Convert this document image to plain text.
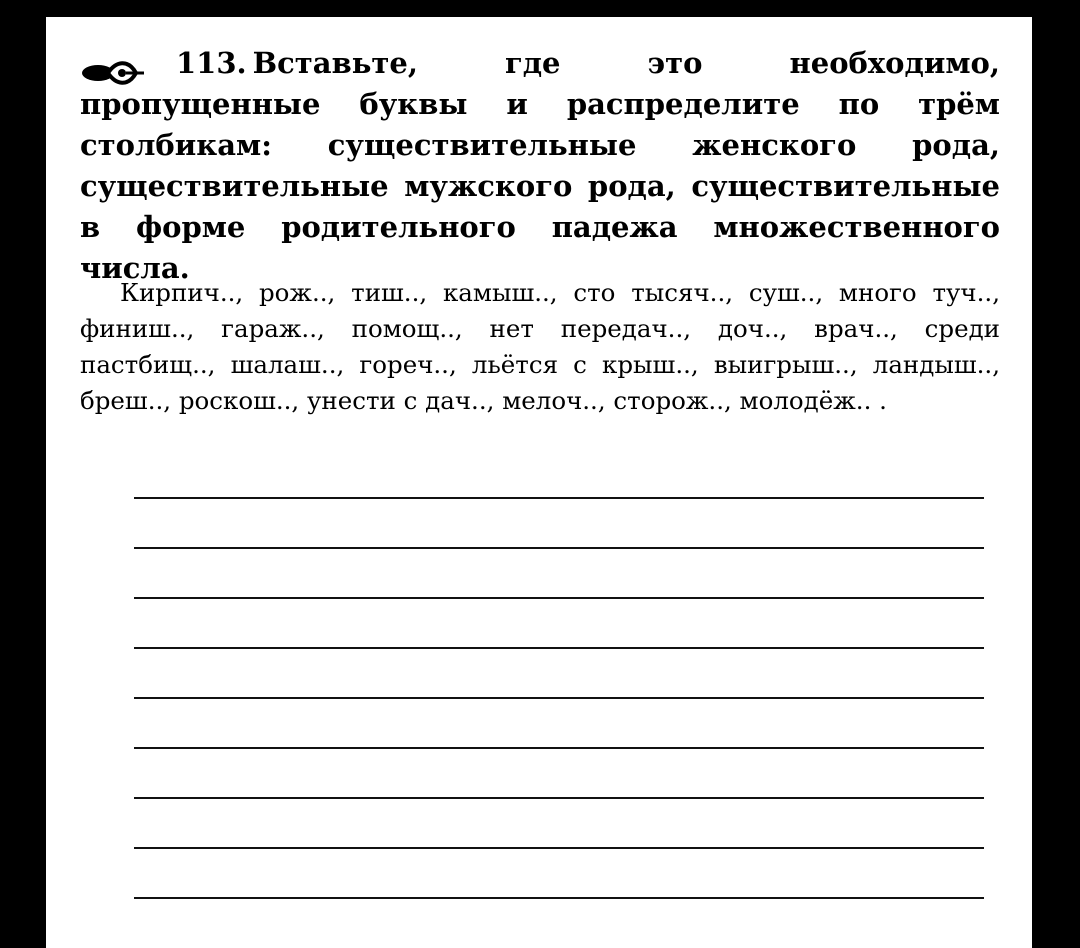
113. Вставьте, где это необходимо, пропущенные буквы и распределите по трём столбикам: существительные женского рода, существительные мужского рода, существительные в форме родительного падежа множественного числа.

Кирпич.., рож.., тиш.., камыш.., сто тысяч.., суш.., много туч.., финиш.., гараж.., помощ.., нет передач.., доч.., врач.., среди пастбищ.., шалаш.., гореч.., льётся с крыш.., выигрыш.., ландыш.., бреш.., роскош.., унести с дач.., мелоч.., сторож.., молодёж.. .
